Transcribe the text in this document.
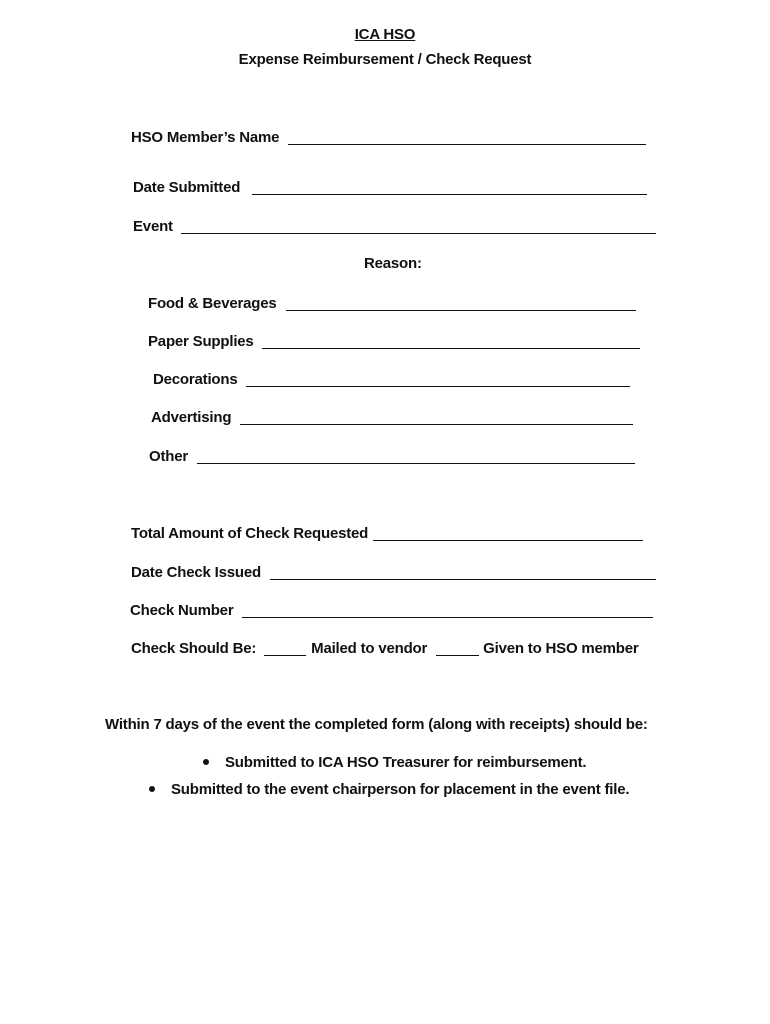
ICA HSO
Expense Reimbursement / Check Request
HSO Member’s Name
Date Submitted
Event
Reason:
Food & Beverages
Paper Supplies
Decorations
Advertising
Other
Total Amount of Check Requested
Date Check Issued
Check Number
Check Should Be:	Mailed to vendor	Given to HSO member
Within 7 days of the event the completed form (along with receipts) should be:
Submitted to ICA HSO Treasurer for reimbursement.
Submitted to the event chairperson for placement in the event file.
